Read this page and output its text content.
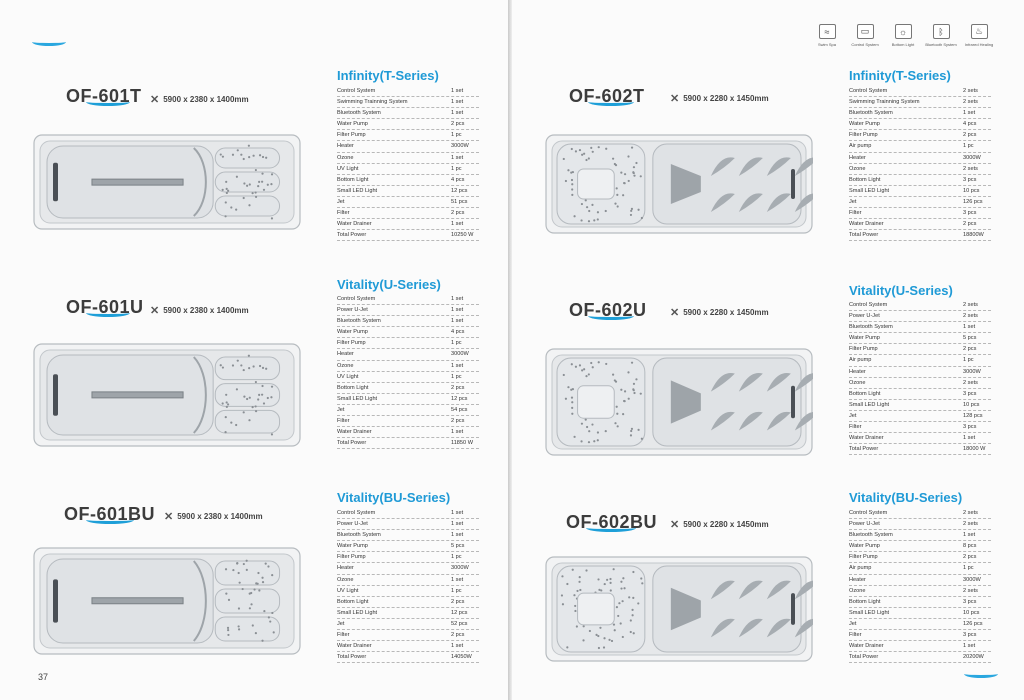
OF-601T ✕ 5900 x 2380 x 1400mm
Infinity(T-Series)
Control System	1 set
Swimming Trainning System	1 set
Bluetooth System	1 set
Water Pump	2 pcs
Filter Pump	1 pc
Heater	3000W
Ozone	1 set
UV Light	1 pc
Bottom Light	4 pcs
Small LED Light	12 pcs
Jet	51 pcs
Filter	2 pcs
Water Drainer	1 set
Total Power	10250 W
OF-601U ✕ 5900 x 2380 x 1400mm
Vitality(U-Series)
Control System	1 set
Power U-Jet	1 set
Bluetooth System	1 set
Water Pump	4 pcs
Filter Pump	1 pc
Heater	3000W
Ozone	1 set
UV Light	1 pc
Bottom Light	2 pcs
Small LED Light	12 pcs
Jet	54 pcs
Filter	2 pcs
Water Drainer	1 set
Total Power	11850 W
OF-601BU ✕ 5900 x 2380 x 1400mm
Vitality(BU-Series)
Control System	1 set
Power U-Jet	1 set
Bluetooth System	1 set
Water Pump	5 pcs
Filter Pump	1 pc
Heater	3000W
Ozone	1 set
UV Light	1 pc
Bottom Light	2 pcs
Small LED Light	12 pcs
Jet	52 pcs
Filter	2 pcs
Water Drainer	1 set
Total Power	14050W
37
≈
Swim Spa
▭
Control System
☼
Bottom Light
ᛒ
Bluetooth System
♨
Infrared Healing
OF-602T ✕ 5900 x 2280 x 1450mm
Infinity(T-Series)
Control System	2 sets
Swimming Trainning System	2 sets
Bluetooth System	1 set
Water Pump	4 pcs
Filter Pump	2 pcs
Air pump	1 pc
Heater	3000W
Ozone	2 sets
Bottom Light	3 pcs
Small LED Light	10 pcs
Jet	126 pcs
Filter	3 pcs
Water Drainer	2 pcs
Total Power	18800W
OF-602U ✕ 5900 x 2280 x 1450mm
Vitality(U-Series)
Control System	2 sets
Power U-Jet	2 sets
Bluetooth System	1 set
Water Pump	5 pcs
Filter Pump	2 pcs
Air pump	1 pc
Heater	3000W
Ozone	2 sets
Bottom Light	3 pcs
Small LED Light	10 pcs
Jet	128 pcs
Filter	3 pcs
Water Drainer	1 set
Total Power	18000 W
OF-602BU ✕ 5900 x 2280 x 1450mm
Vitality(BU-Series)
Control System	2 sets
Power U-Jet	2 sets
Bluetooth System	1 set
Water Pump	8 pcs
Filter Pump	2 pcs
Air pump	1 pc
Heater	3000W
Ozone	2 sets
Bottom Light	3 pcs
Small LED Light	10 pcs
Jet	126 pcs
Filter	3 pcs
Water Drainer	1 set
Total Power	20200W
